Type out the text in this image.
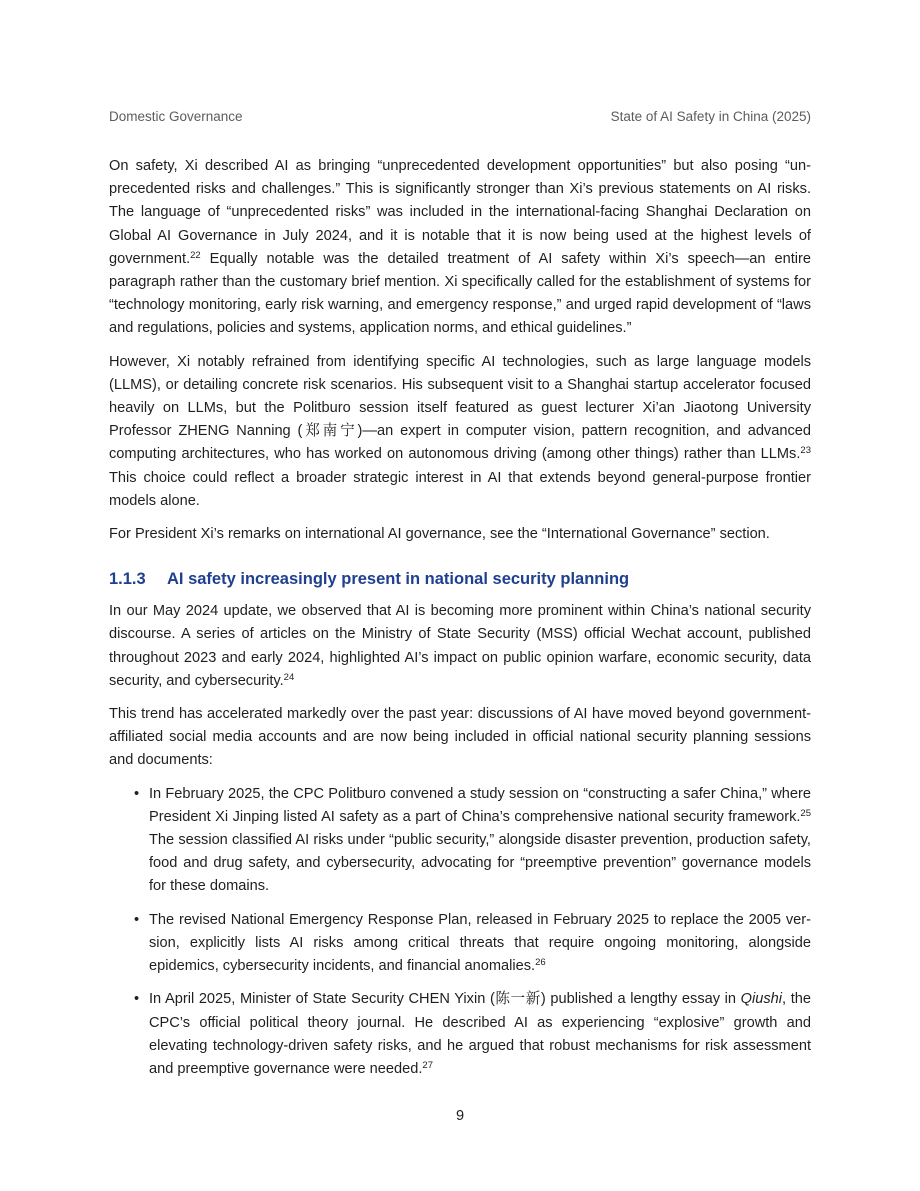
Domestic Governance	State of AI Safety in China (2025)

On safety, Xi described AI as bringing “unprecedented development opportunities” but also posing “unprecedented risks and challenges.” This is significantly stronger than Xi’s previous statements on AI risks. The language of “unprecedented risks” was included in the international-facing Shanghai Declaration on Global AI Governance in July 2024, and it is notable that it is now being used at the highest levels of government.$^{22}$ Equally notable was the detailed treatment of AI safety within Xi’s speech—an entire paragraph rather than the customary brief mention. Xi specifically called for the establishment of systems for “technology monitoring, early risk warning, and emergency response,” and urged rapid development of “laws and regulations, policies and systems, application norms, and ethical guidelines.”

However, Xi notably refrained from identifying specific AI technologies, such as large language models (LLMS), or detailing concrete risk scenarios. His subsequent visit to a Shanghai startup accelerator focused heavily on LLMs, but the Politburo session itself featured as guest lecturer Xi’an Jiaotong University Professor ZHENG Nanning (郑南宁)—an expert in computer vision, pattern recognition, and advanced computing architectures, who has worked on autonomous driving (among other things) rather than LLMs.$^{23}$ This choice could reflect a broader strategic interest in AI that extends beyond general-purpose frontier models alone.

For President Xi’s remarks on international AI governance, see the “International Governance” section.

1.1.3 AI safety increasingly present in national security planning

In our May 2024 update, we observed that AI is becoming more prominent within China’s national security discourse. A series of articles on the Ministry of State Security (MSS) official Wechat account, published throughout 2023 and early 2024, highlighted AI’s impact on public opinion warfare, economic security, data security, and cybersecurity.$^{24}$

This trend has accelerated markedly over the past year: discussions of AI have moved beyond government-affiliated social media accounts and are now being included in official national security planning sessions and documents:

• In February 2025, the CPC Politburo convened a study session on “constructing a safer China,” where President Xi Jinping listed AI safety as a part of China’s comprehensive national security framework.$^{25}$ The session classified AI risks under “public security,” alongside disaster prevention, production safety, food and drug safety, and cybersecurity, advocating for “preemptive prevention” governance models for these domains.
• The revised National Emergency Response Plan, released in February 2025 to replace the 2005 version, explicitly lists AI risks among critical threats that require ongoing monitoring, alongside epidemics, cybersecurity incidents, and financial anomalies.$^{26}$
• In April 2025, Minister of State Security CHEN Yixin (陈一新) published a lengthy essay in Qiushi, the CPC’s official political theory journal. He described AI as experiencing “explosive” growth and elevating technology-driven safety risks, and he argued that robust mechanisms for risk assessment and preemptive governance were needed.$^{27}$
9
